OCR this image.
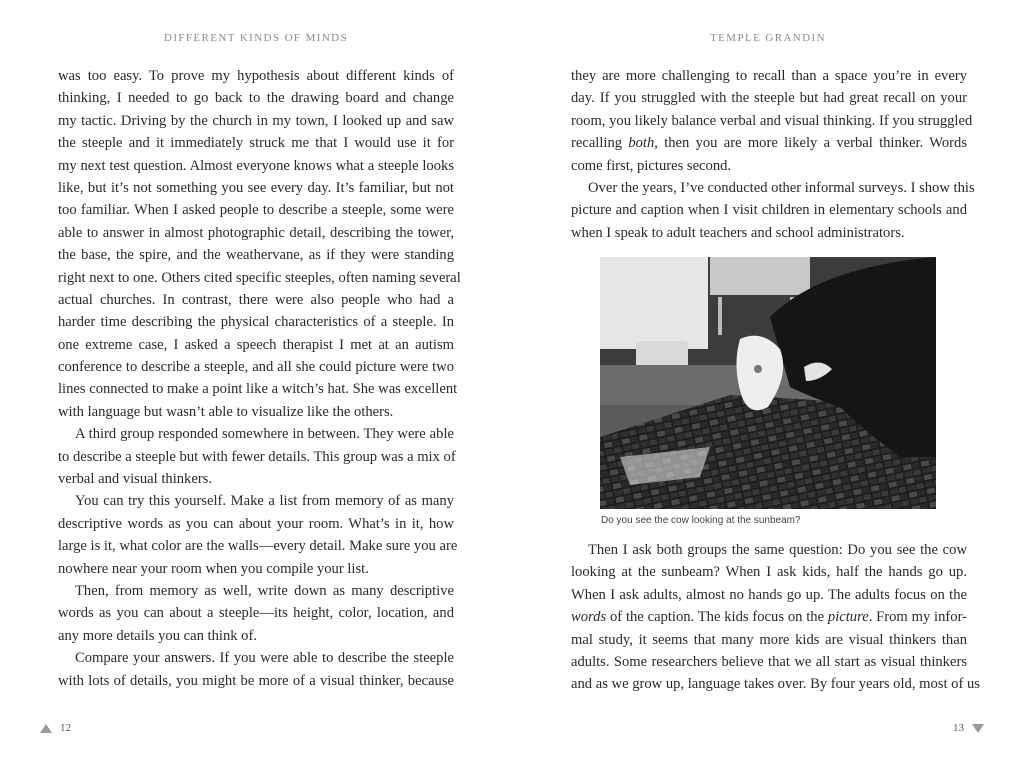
DIFFERENT KINDS OF MINDS	TEMPLE GRANDIN
was too easy. To prove my hypothesis about different kinds of
thinking, I needed to go back to the drawing board and change
my tactic. Driving by the church in my town, I looked up and saw
the steeple and it immediately struck me that I would use it for
my next test question. Almost everyone knows what a steeple looks
like, but it’s not something you see every day. It’s familiar, but not
too familiar. When I asked people to describe a steeple, some were
able to answer in almost photographic detail, describing the tower,
the base, the spire, and the weathervane, as if they were standing
right next to one. Others cited specific steeples, often naming several
actual churches. In contrast, there were also people who had a
harder time describing the physical characteristics of a steeple. In
one extreme case, I asked a speech therapist I met at an autism
conference to describe a steeple, and all she could picture were two
lines connected to make a point like a witch’s hat. She was excellent
with language but wasn’t able to visualize like the others.
A third group responded somewhere in between. They were able
to describe a steeple but with fewer details. This group was a mix of
verbal and visual thinkers.
You can try this yourself. Make a list from memory of as many
descriptive words as you can about your room. What’s in it, how
large is it, what color are the walls—every detail. Make sure you are
nowhere near your room when you compile your list.
Then, from memory as well, write down as many descriptive
words as you can about a steeple—its height, color, location, and
any more details you can think of.
Compare your answers. If you were able to describe the steeple
with lots of details, you might be more of a visual thinker, because
they are more challenging to recall than a space you’re in every
day. If you struggled with the steeple but had great recall on your
room, you likely balance verbal and visual thinking. If you struggled
recalling both, then you are more likely a verbal thinker. Words
come first, pictures second.
Over the years, I’ve conducted other informal surveys. I show this
picture and caption when I visit children in elementary schools and
when I speak to adult teachers and school administrators.
Do you see the cow looking at the sunbeam?
Then I ask both groups the same question: Do you see the cow
looking at the sunbeam? When I ask kids, half the hands go up.
When I ask adults, almost no hands go up. The adults focus on the
words of the caption. The kids focus on the picture. From my infor-
mal study, it seems that many more kids are visual thinkers than
adults. Some researchers believe that we all start as visual thinkers
and as we grow up, language takes over. By four years old, most of us
12	13
